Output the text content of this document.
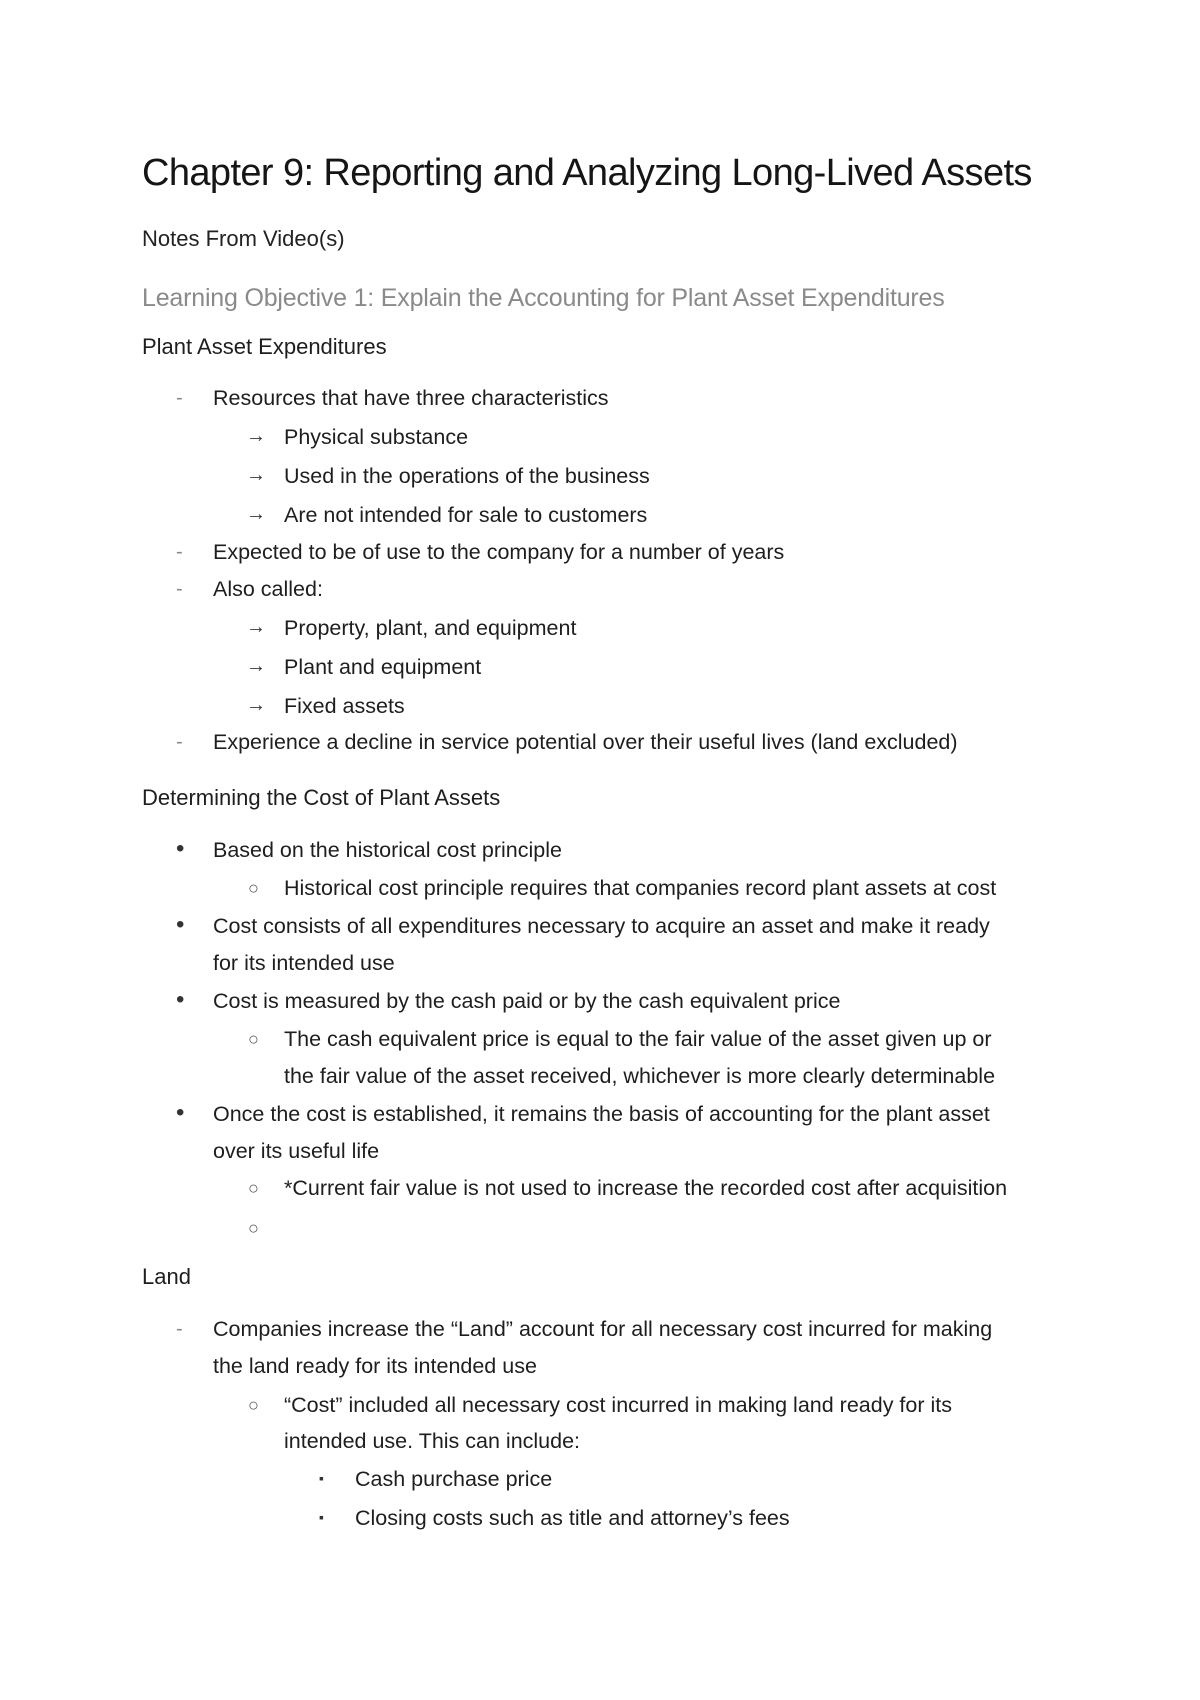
Chapter 9: Reporting and Analyzing Long-Lived Assets

Notes From Video(s)

Learning Objective 1: Explain the Accounting for Plant Asset Expenditures

Plant Asset Expenditures

- Resources that have three characteristics
→ Physical substance
→ Used in the operations of the business
→ Are not intended for sale to customers
- Expected to be of use to the company for a number of years
- Also called:
→ Property, plant, and equipment
→ Plant and equipment
→ Fixed assets
- Experience a decline in service potential over their useful lives (land excluded)

Determining the Cost of Plant Assets

• Based on the historical cost principle
○ Historical cost principle requires that companies record plant assets at cost
• Cost consists of all expenditures necessary to acquire an asset and make it ready
for its intended use
• Cost is measured by the cash paid or by the cash equivalent price
○ The cash equivalent price is equal to the fair value of the asset given up or
the fair value of the asset received, whichever is more clearly determinable
• Once the cost is established, it remains the basis of accounting for the plant asset
over its useful life
○ *Current fair value is not used to increase the recorded cost after acquisition
○

Land

- Companies increase the “Land” account for all necessary cost incurred for making
the land ready for its intended use
○ “Cost” included all necessary cost incurred in making land ready for its
intended use. This can include:
▪ Cash purchase price
▪ Closing costs such as title and attorney’s fees
